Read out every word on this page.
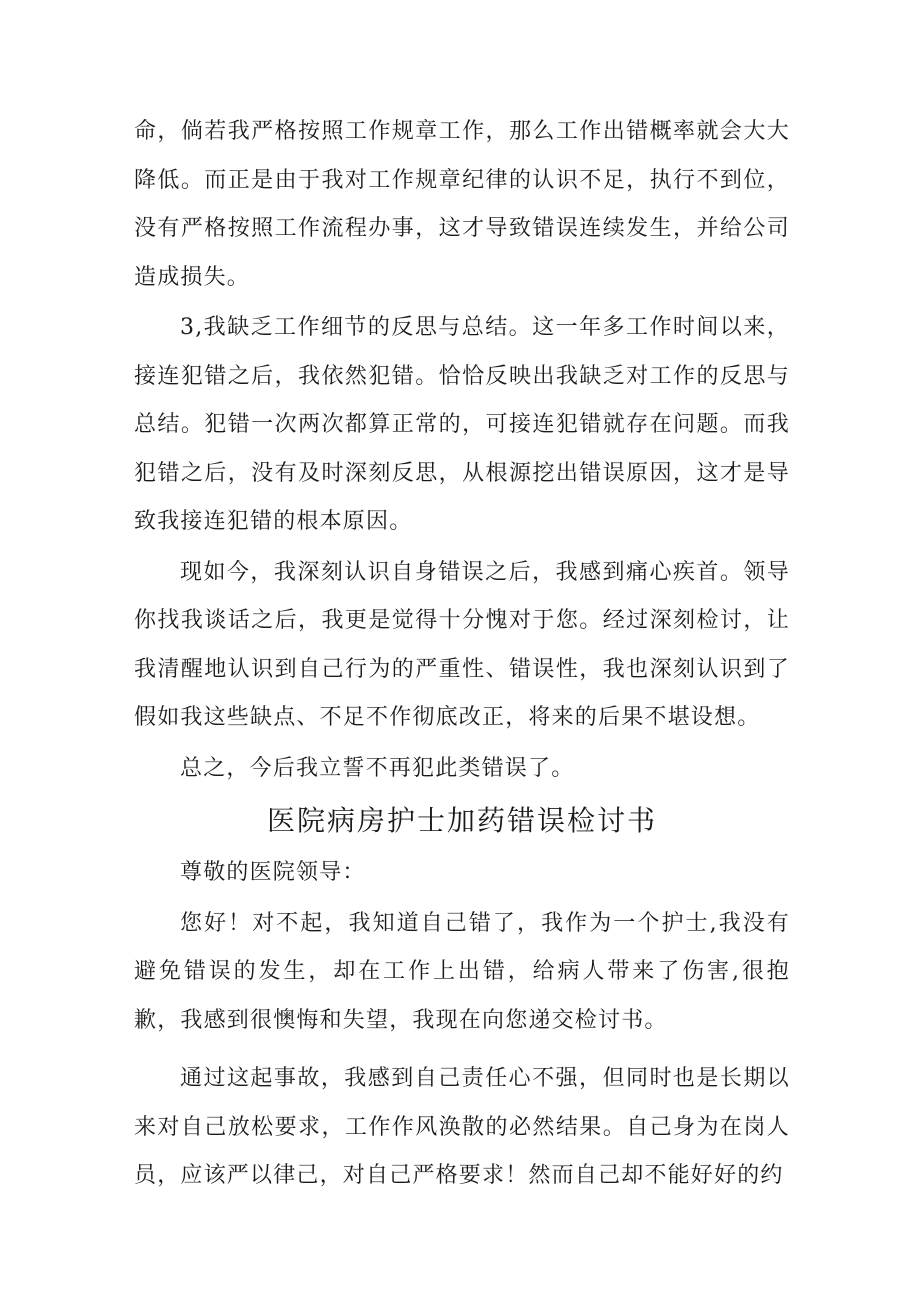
命，倘若我严格按照工作规章工作，那么工作出错概率就会大大降低。而正是由于我对工作规章纪律的认识不足，执行不到位，没有严格按照工作流程办事，这才导致错误连续发生，并给公司造成损失。

3,我缺乏工作细节的反思与总结。这一年多工作时间以来，接连犯错之后，我依然犯错。恰恰反映出我缺乏对工作的反思与总结。犯错一次两次都算正常的，可接连犯错就存在问题。而我犯错之后，没有及时深刻反思，从根源挖出错误原因，这才是导致我接连犯错的根本原因。

现如今，我深刻认识自身错误之后，我感到痛心疾首。领导你找我谈话之后，我更是觉得十分愧对于您。经过深刻检讨，让我清醒地认识到自己行为的严重性、错误性，我也深刻认识到了假如我这些缺点、不足不作彻底改正，将来的后果不堪设想。

总之，今后我立誓不再犯此类错误了。

医院病房护士加药错误检讨书

尊敬的医院领导：

您好！对不起，我知道自己错了，我作为一个护士,我没有避免错误的发生，却在工作上出错，给病人带来了伤害,很抱歉，我感到很懊悔和失望，我现在向您递交检讨书。

通过这起事故，我感到自己责任心不强，但同时也是长期以来对自己放松要求，工作作风涣散的必然结果。自己身为在岗人员，应该严以律己，对自己严格要求！然而自己却不能好好的约
